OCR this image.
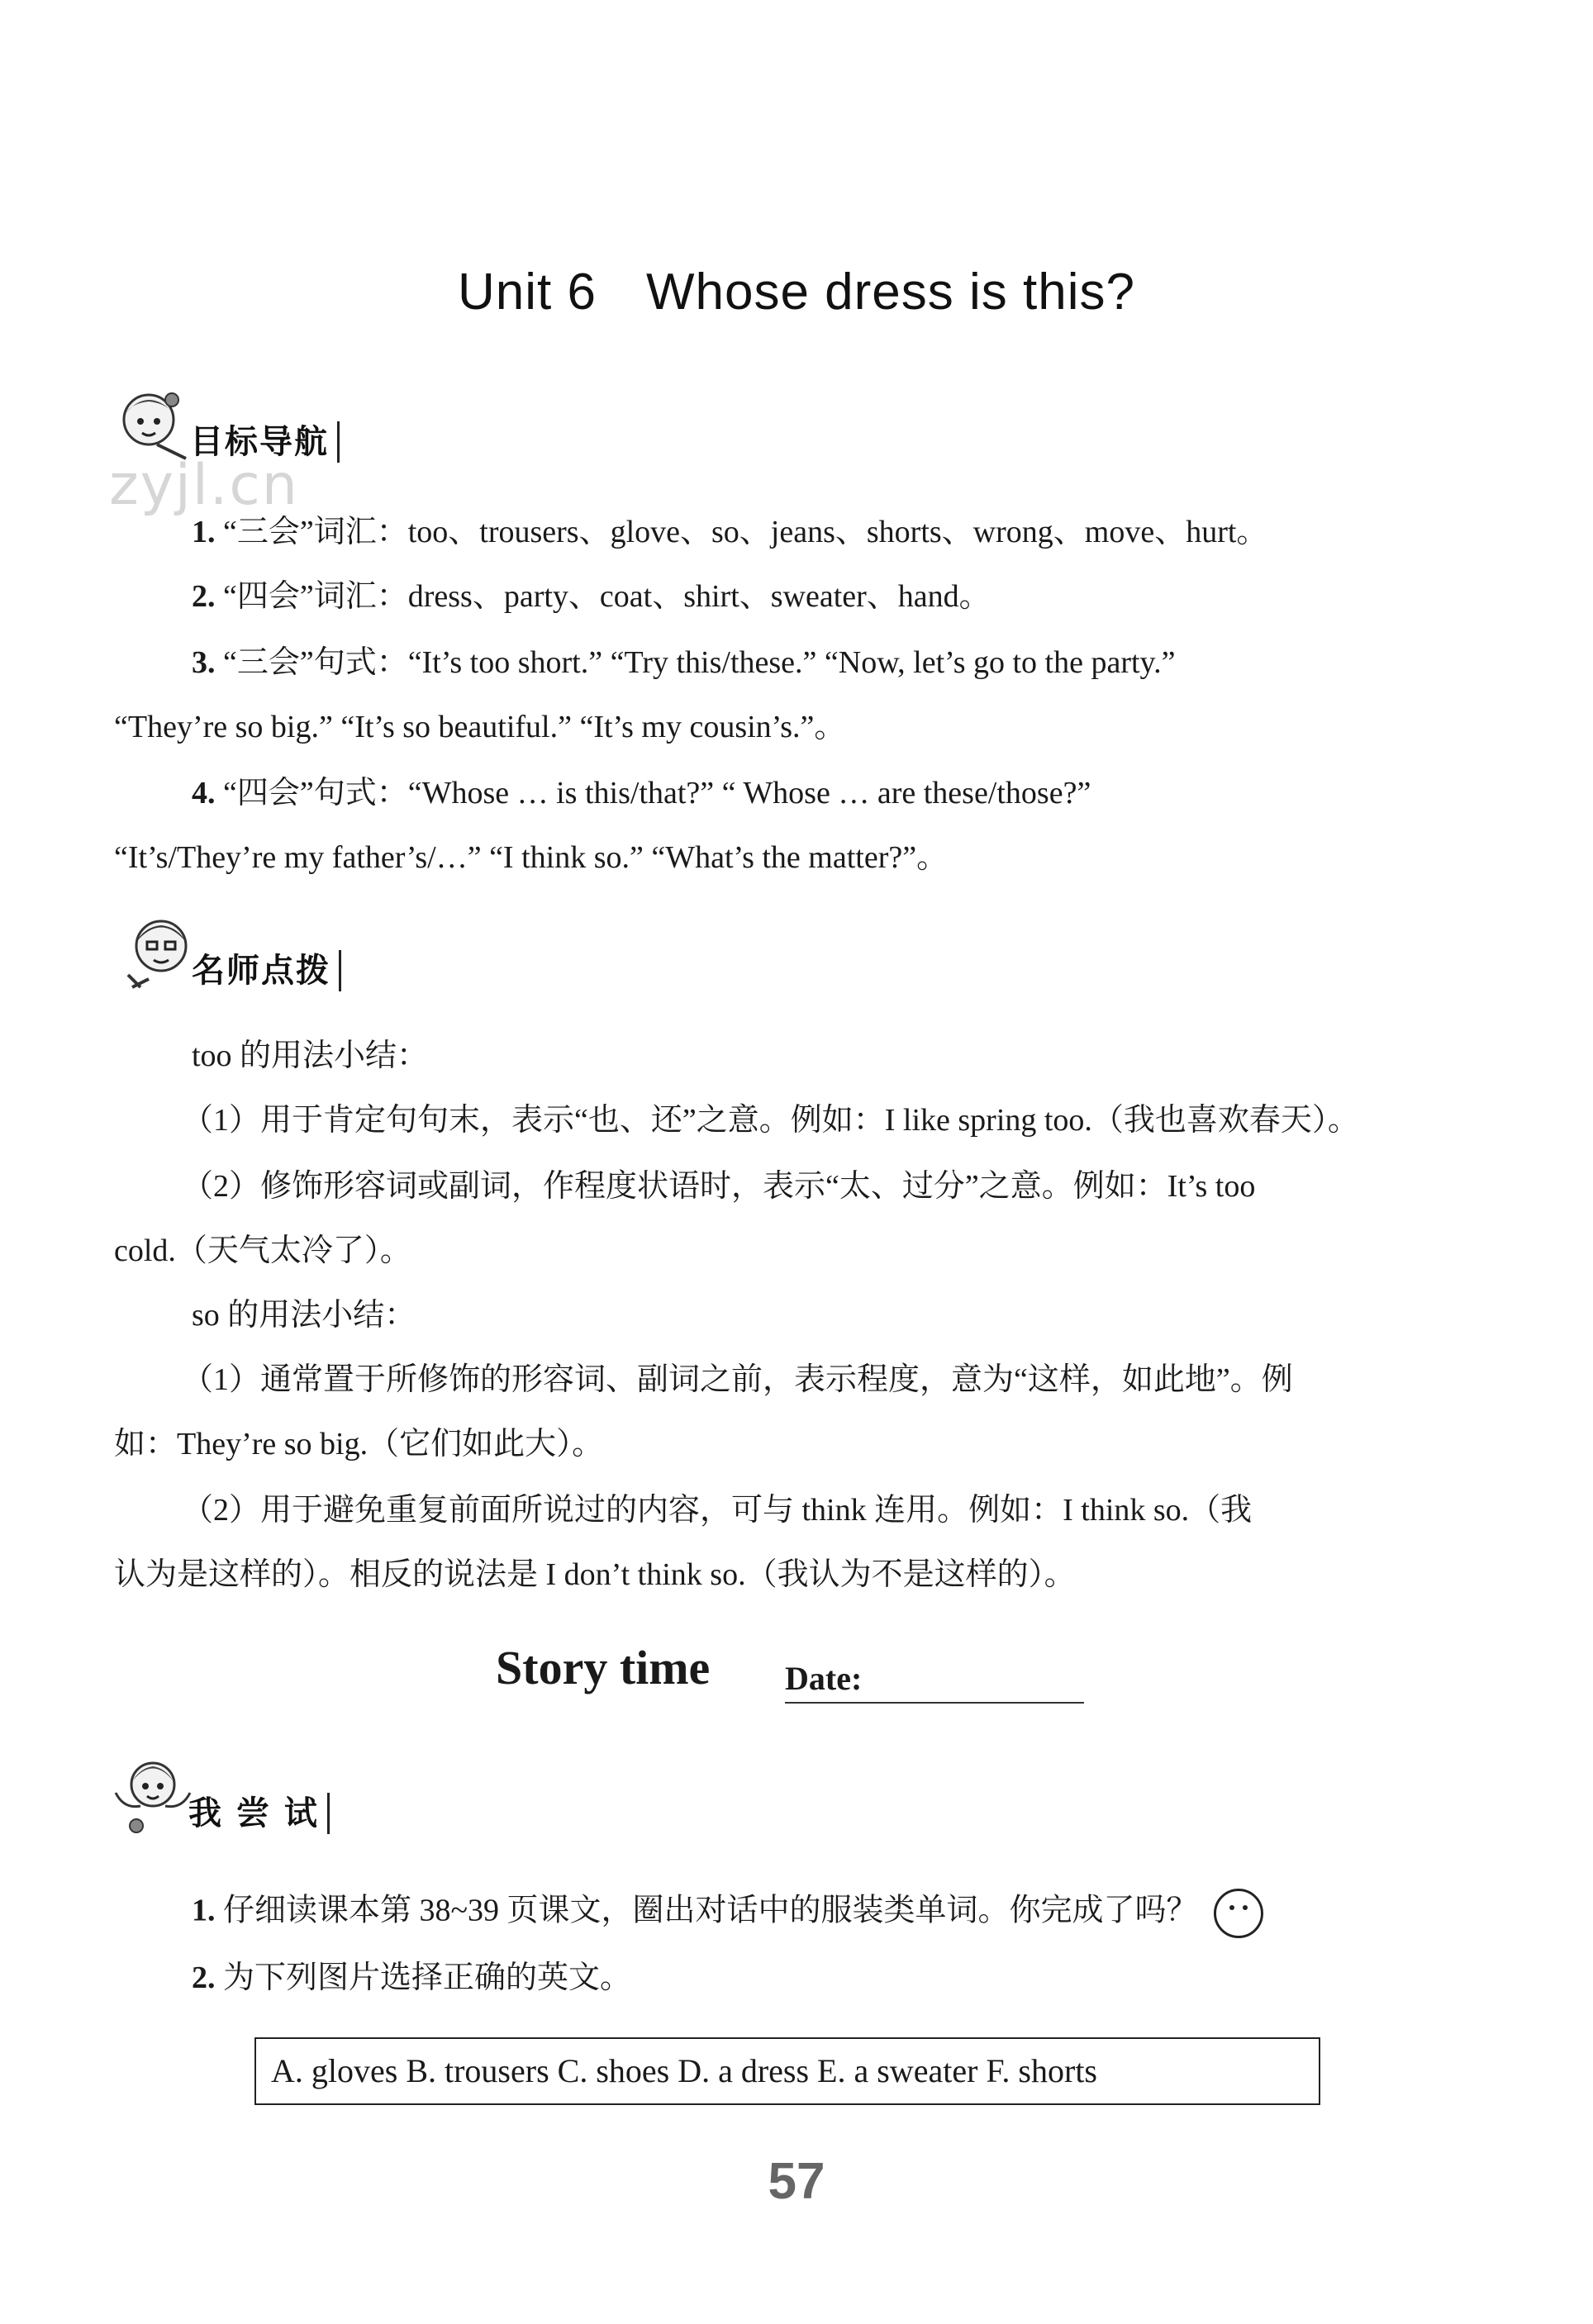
Unit 6 Whose dress is this?
目标导航
zyjl.cn
1. “三会”词汇：too、trousers、glove、so、jeans、shorts、wrong、move、hurt。
2. “四会”词汇：dress、party、coat、shirt、sweater、hand。
3. “三会”句式：“It’s too short.” “Try this/these.” “Now, let’s go to the party.”
“They’re so big.” “It’s so beautiful.” “It’s my cousin’s.”。
4. “四会”句式：“Whose … is this/that?” “ Whose … are these/those?”
“It’s/They’re my father’s/…” “I think so.” “What’s the matter?”。
名师点拨
too 的用法小结：
（1）用于肯定句句末，表示“也、还”之意。例如：I like spring too.（我也喜欢春天）。
（2）修饰形容词或副词，作程度状语时，表示“太、过分”之意。例如：It’s too
cold.（天气太冷了）。
so 的用法小结：
（1）通常置于所修饰的形容词、副词之前，表示程度，意为“这样，如此地”。例
如：They’re so big.（它们如此大）。
（2）用于避免重复前面所说过的内容，可与 think 连用。例如：I think so.（我
认为是这样的）。相反的说法是 I don’t think so.（我认为不是这样的）。
Story time Date:
我 尝 试
1. 仔细读课本第 38~39 页课文，圈出对话中的服装类单词。你完成了吗？
2. 为下列图片选择正确的英文。
A. gloves B. trousers C. shoes D. a dress E. a sweater F. shorts
57
